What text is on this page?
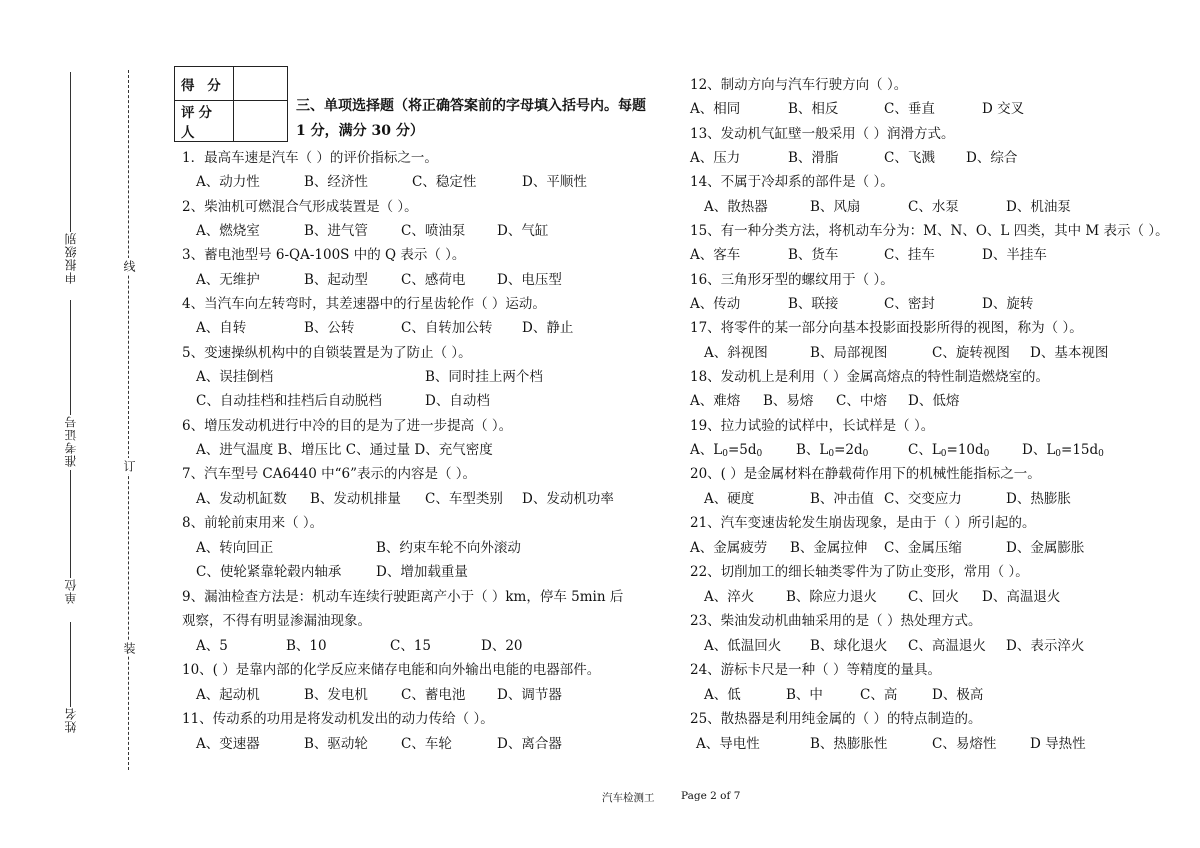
申报级别
准考证号
单位
姓名
线
订
装
得 分	
评分人	
三、单项选择题（将正确答案前的字母填入括号内。每题
1 分，满分 30 分）
1．最高车速是汽车（ ）的评价指标之一。
A、动力性	B、经济性	C、稳定性	D、平顺性
2、柴油机可燃混合气形成装置是（ ）。
A、燃烧室	B、进气管 C、喷油泵 D、气缸
3、蓄电池型号 6-QA-100S 中的 Q 表示（ ）。
A、无维护	B、起动型 C、感荷电 D、电压型
4、当汽车向左转弯时，其差速器中的行星齿轮作（ ）运动。
A、自转	B、公转	C、自转加公转 D、静止
5、变速操纵机构中的自锁装置是为了防止（ ）。
A、误挂倒档	B、同时挂上两个档
C、自动挂档和挂档后自动脱档	D、自动档
6、增压发动机进行中冷的目的是为了进一步提高（ ）。
A、进气温度 B、增压比 C、通过量 D、充气密度
7、汽车型号 CA6440 中“6”表示的内容是（ ）。
A、发动机缸数 B、发动机排量 C、车型类别 D、发动机功率
8、前轮前束用来（ ）。
A、转向回正	B、约束车轮不向外滚动
C、使轮紧靠轮毂内轴承	D、增加载重量
9、漏油检查方法是：机动车连续行驶距离产小于（ ）km，停车 5min 后
观察，不得有明显渗漏油现象。
A、5	B、10	C、15	D、20
10、( ）是靠内部的化学反应来储存电能和向外输出电能的电器部件。
A、起动机	B、发电机 C、蓄电池 D、调节器
11、传动系的功用是将发动机发出的动力传给（ ）。
A、变速器	B、驱动轮 C、车轮	D、离合器
12、制动方向与汽车行驶方向（ ）。
A、相同	B、相反	C、垂直	D 交叉
13、发动机气缸壁一般采用（ ）润滑方式。
A、压力	B、滑脂	C、飞溅 D、综合
14、不属于冷却系的部件是（ ）。
A、散热器	B、风扇	C、水泵	D、机油泵
15、有一种分类方法，将机动车分为：M、N、O、L 四类，其中 M 表示（ ）。
A、客车	B、货车	C、挂车	D、半挂车
16、三角形牙型的螺纹用于（ ）。
A、传动	B、联接	C、密封	D、旋转
17、将零件的某一部分向基本投影面投影所得的视图，称为（ ）。
A、斜视图	B、局部视图	C、旋转视图 D、基本视图
18、发动机上是利用（ ）金属高熔点的特性制造燃烧室的。
A、难熔 B、易熔 C、中熔 D、低熔
19、拉力试验的试样中，长试样是（ ）。
A、$L_0=5d_0$	B、$L_0=2d_0$	C、$L_0=10d_0$ D、$L_0=15d_0$
20、( ）是金属材料在静载荷作用下的机械性能指标之一。
A、硬度	B、冲击值 C、交变应力	D、热膨胀
21、汽车变速齿轮发生崩齿现象，是由于（ ）所引起的。
A、金属疲劳 B、金属拉伸 C、金属压缩	D、金属膨胀
22、切削加工的细长轴类零件为了防止变形，常用（ ）。
A、淬火 B、除应力退火 C、回火 D、高温退火
23、柴油发动机曲轴采用的是（ ）热处理方式。
A、低温回火 B、球化退火 C、高温退火 D、表示淬火
24、游标卡尺是一种（ ）等精度的量具。
A、低	B、中	C、高	D、极高
25、散热器是利用纯金属的（ ）的特点制造的。
A、导电性	B、热膨胀性	C、易熔性 D 导热性
汽车检测工	Page 2 of 7
